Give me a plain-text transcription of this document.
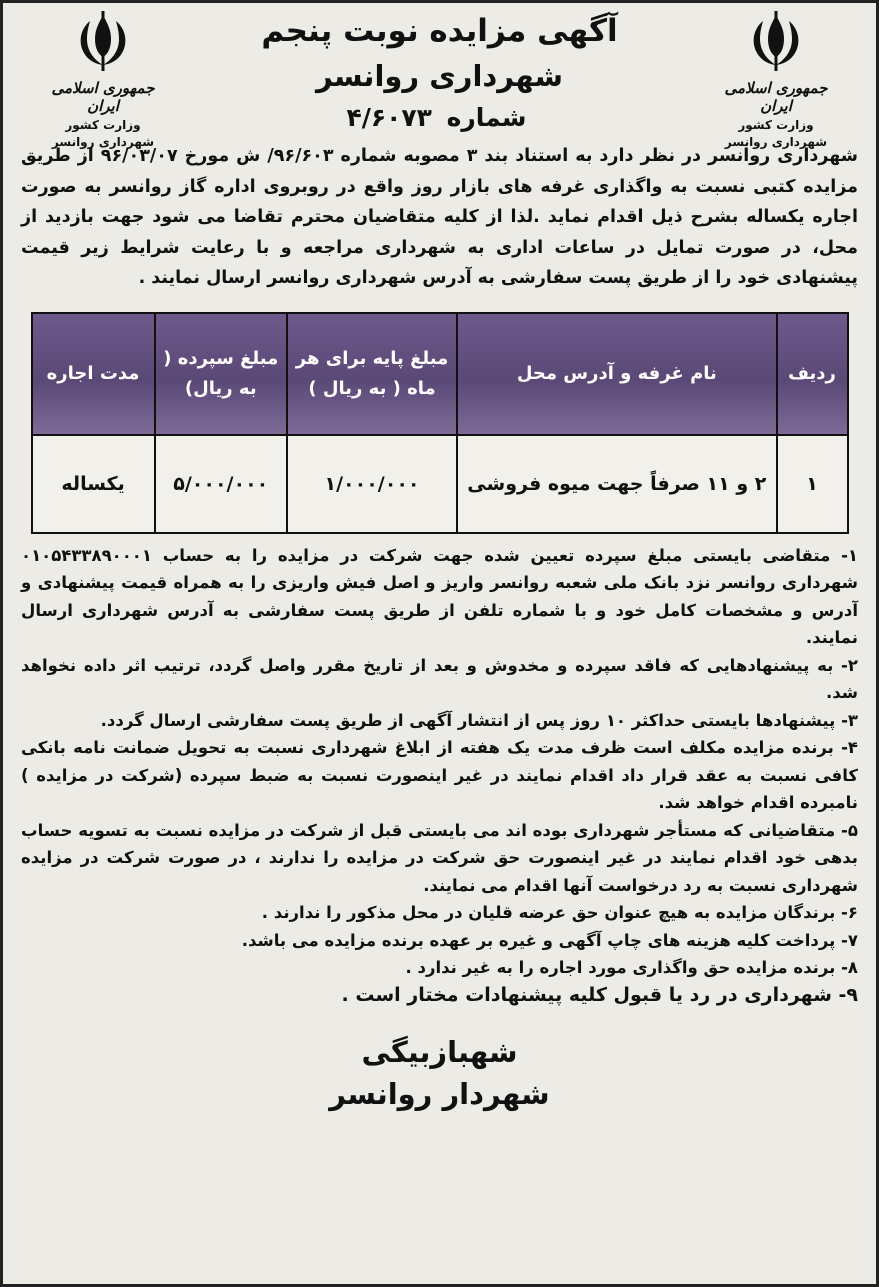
جمهوری اسلامی ایران
وزارت کشور
شهرداری روانسر
جمهوری اسلامی ایران
وزارت کشور
شهرداری روانسر
آگهی مزایده نوبت پنجم
شهرداری روانسر
شماره ۴/۶۰۷۳
شهرداری روانسر در نظر دارد به استناد بند ۳ مصوبه شماره ۹۶/۶۰۳/ ش مورخ ۹۶/۰۳/۰۷ از طریق مزایده کتبی نسبت به واگذاری غرفه های بازار روز واقع در روبروی اداره گاز روانسر به صورت اجاره یکساله بشرح ذیل اقدام نماید .لذا از کلیه متقاضیان محترم تقاضا می شود جهت بازدید از محل، در صورت تمایل در ساعات اداری به شهرداری مراجعه و با رعایت شرایط زیر قیمت پیشنهادی خود را از طریق پست سفارشی به آدرس شهرداری روانسر ارسال نمایند .
ردیف	نام غرفه و آدرس محل	مبلغ پایه برای هر ماه ( به ریال )	مبلغ سپرده ( به ریال)	مدت اجاره
۱	۲ و ۱۱ صرفاً جهت میوه فروشی	۱/۰۰۰/۰۰۰	۵/۰۰۰/۰۰۰	یکساله

۱- متقاضی بایستی مبلغ سپرده تعیین شده جهت شرکت در مزایده را به حساب ۰۱۰۵۴۳۳۸۹۰۰۰۱ شهرداری روانسر نزد بانک ملی شعبه روانسر واریز و اصل فیش واریزی را به همراه قیمت پیشنهادی و آدرس و مشخصات کامل خود و با شماره تلفن از طریق پست سفارشی به آدرس شهرداری ارسال نمایند.

۲- به پیشنهادهایی که فاقد سپرده و مخدوش و بعد از تاریخ مقرر واصل گردد، ترتیب اثر داده نخواهد شد.

۳- پیشنهادها بایستی حداکثر ۱۰ روز پس از انتشار آگهی از طریق پست سفارشی ارسال گردد.

۴- برنده مزایده مکلف است ظرف مدت یک هفته از ابلاغ شهرداری نسبت به تحویل ضمانت نامه بانکی کافی نسبت به عقد قرار داد اقدام نمایند در غیر اینصورت نسبت به ضبط سپرده (شرکت در مزایده ) نامبرده اقدام خواهد شد.

۵- متقاضیانی که مستأجر شهرداری بوده اند می بایستی قبل از شرکت در مزایده نسبت به تسویه حساب بدهی خود اقدام نمایند در غیر اینصورت حق شرکت در مزایده را ندارند ، در صورت شرکت در مزایده شهرداری نسبت به رد درخواست آنها اقدام می نمایند.

۶- برندگان مزایده به هیچ عنوان حق عرضه قلیان در محل مذکور را ندارند .

۷- پرداخت کلیه هزینه های چاپ آگهی و غیره بر عهده برنده مزایده می باشد.

۸- برنده مزایده حق واگذاری مورد اجاره را به غیر ندارد .

۹- شهرداری در رد یا قبول کلیه پیشنهادات مختار است .

شهبازبیگی
شهردار روانسر
